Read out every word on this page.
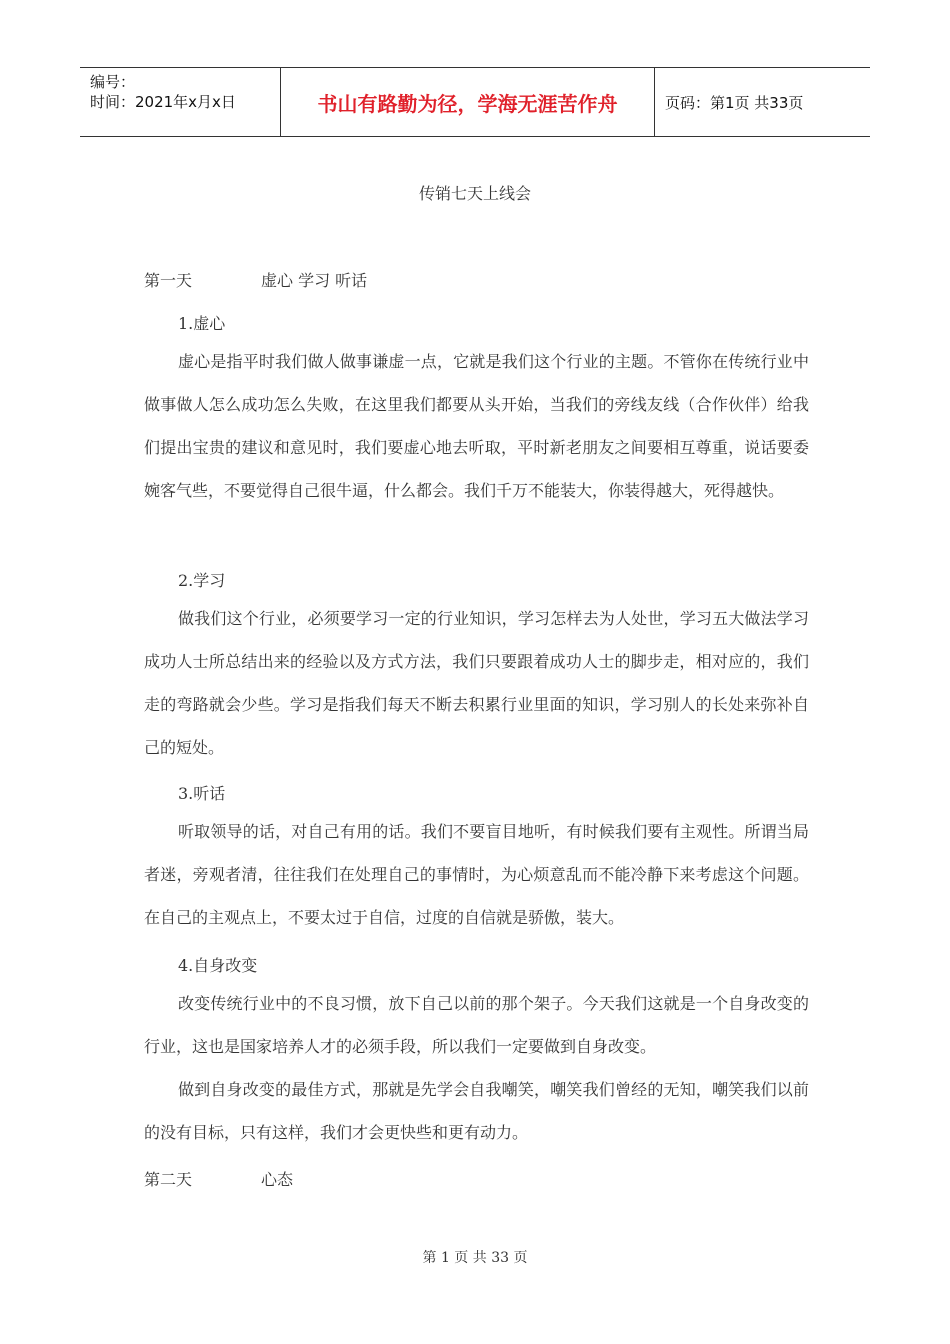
编号：
时间：2021年x月x日	书山有路勤为径，学海无涯苦作舟	页码：第1页 共33页
传销七天上线会
第一天	虚心 学习 听话
1.虚心

虚心是指平时我们做人做事谦虚一点，它就是我们这个行业的主题。不管你在传统行业中做事做人怎么成功怎么失败，在这里我们都要从头开始，当我们的旁线友线（合作伙伴）给我们提出宝贵的建议和意见时，我们要虚心地去听取，平时新老朋友之间要相互尊重，说话要委婉客气些，不要觉得自己很牛逼，什么都会。我们千万不能装大，你装得越大，死得越快。

2.学习

做我们这个行业，必须要学习一定的行业知识，学习怎样去为人处世，学习五大做法学习成功人士所总结出来的经验以及方式方法，我们只要跟着成功人士的脚步走，相对应的，我们走的弯路就会少些。学习是指我们每天不断去积累行业里面的知识，学习别人的长处来弥补自己的短处。

3.听话

听取领导的话，对自己有用的话。我们不要盲目地听，有时候我们要有主观性。所谓当局者迷，旁观者清，往往我们在处理自己的事情时，为心烦意乱而不能冷静下来考虑这个问题。在自己的主观点上，不要太过于自信，过度的自信就是骄傲，装大。

4.自身改变

改变传统行业中的不良习惯，放下自己以前的那个架子。今天我们这就是一个自身改变的行业，这也是国家培养人才的必须手段，所以我们一定要做到自身改变。

做到自身改变的最佳方式，那就是先学会自我嘲笑，嘲笑我们曾经的无知，嘲笑我们以前的没有目标，只有这样，我们才会更快些和更有动力。

第二天	心态
第 1 页 共 33 页
